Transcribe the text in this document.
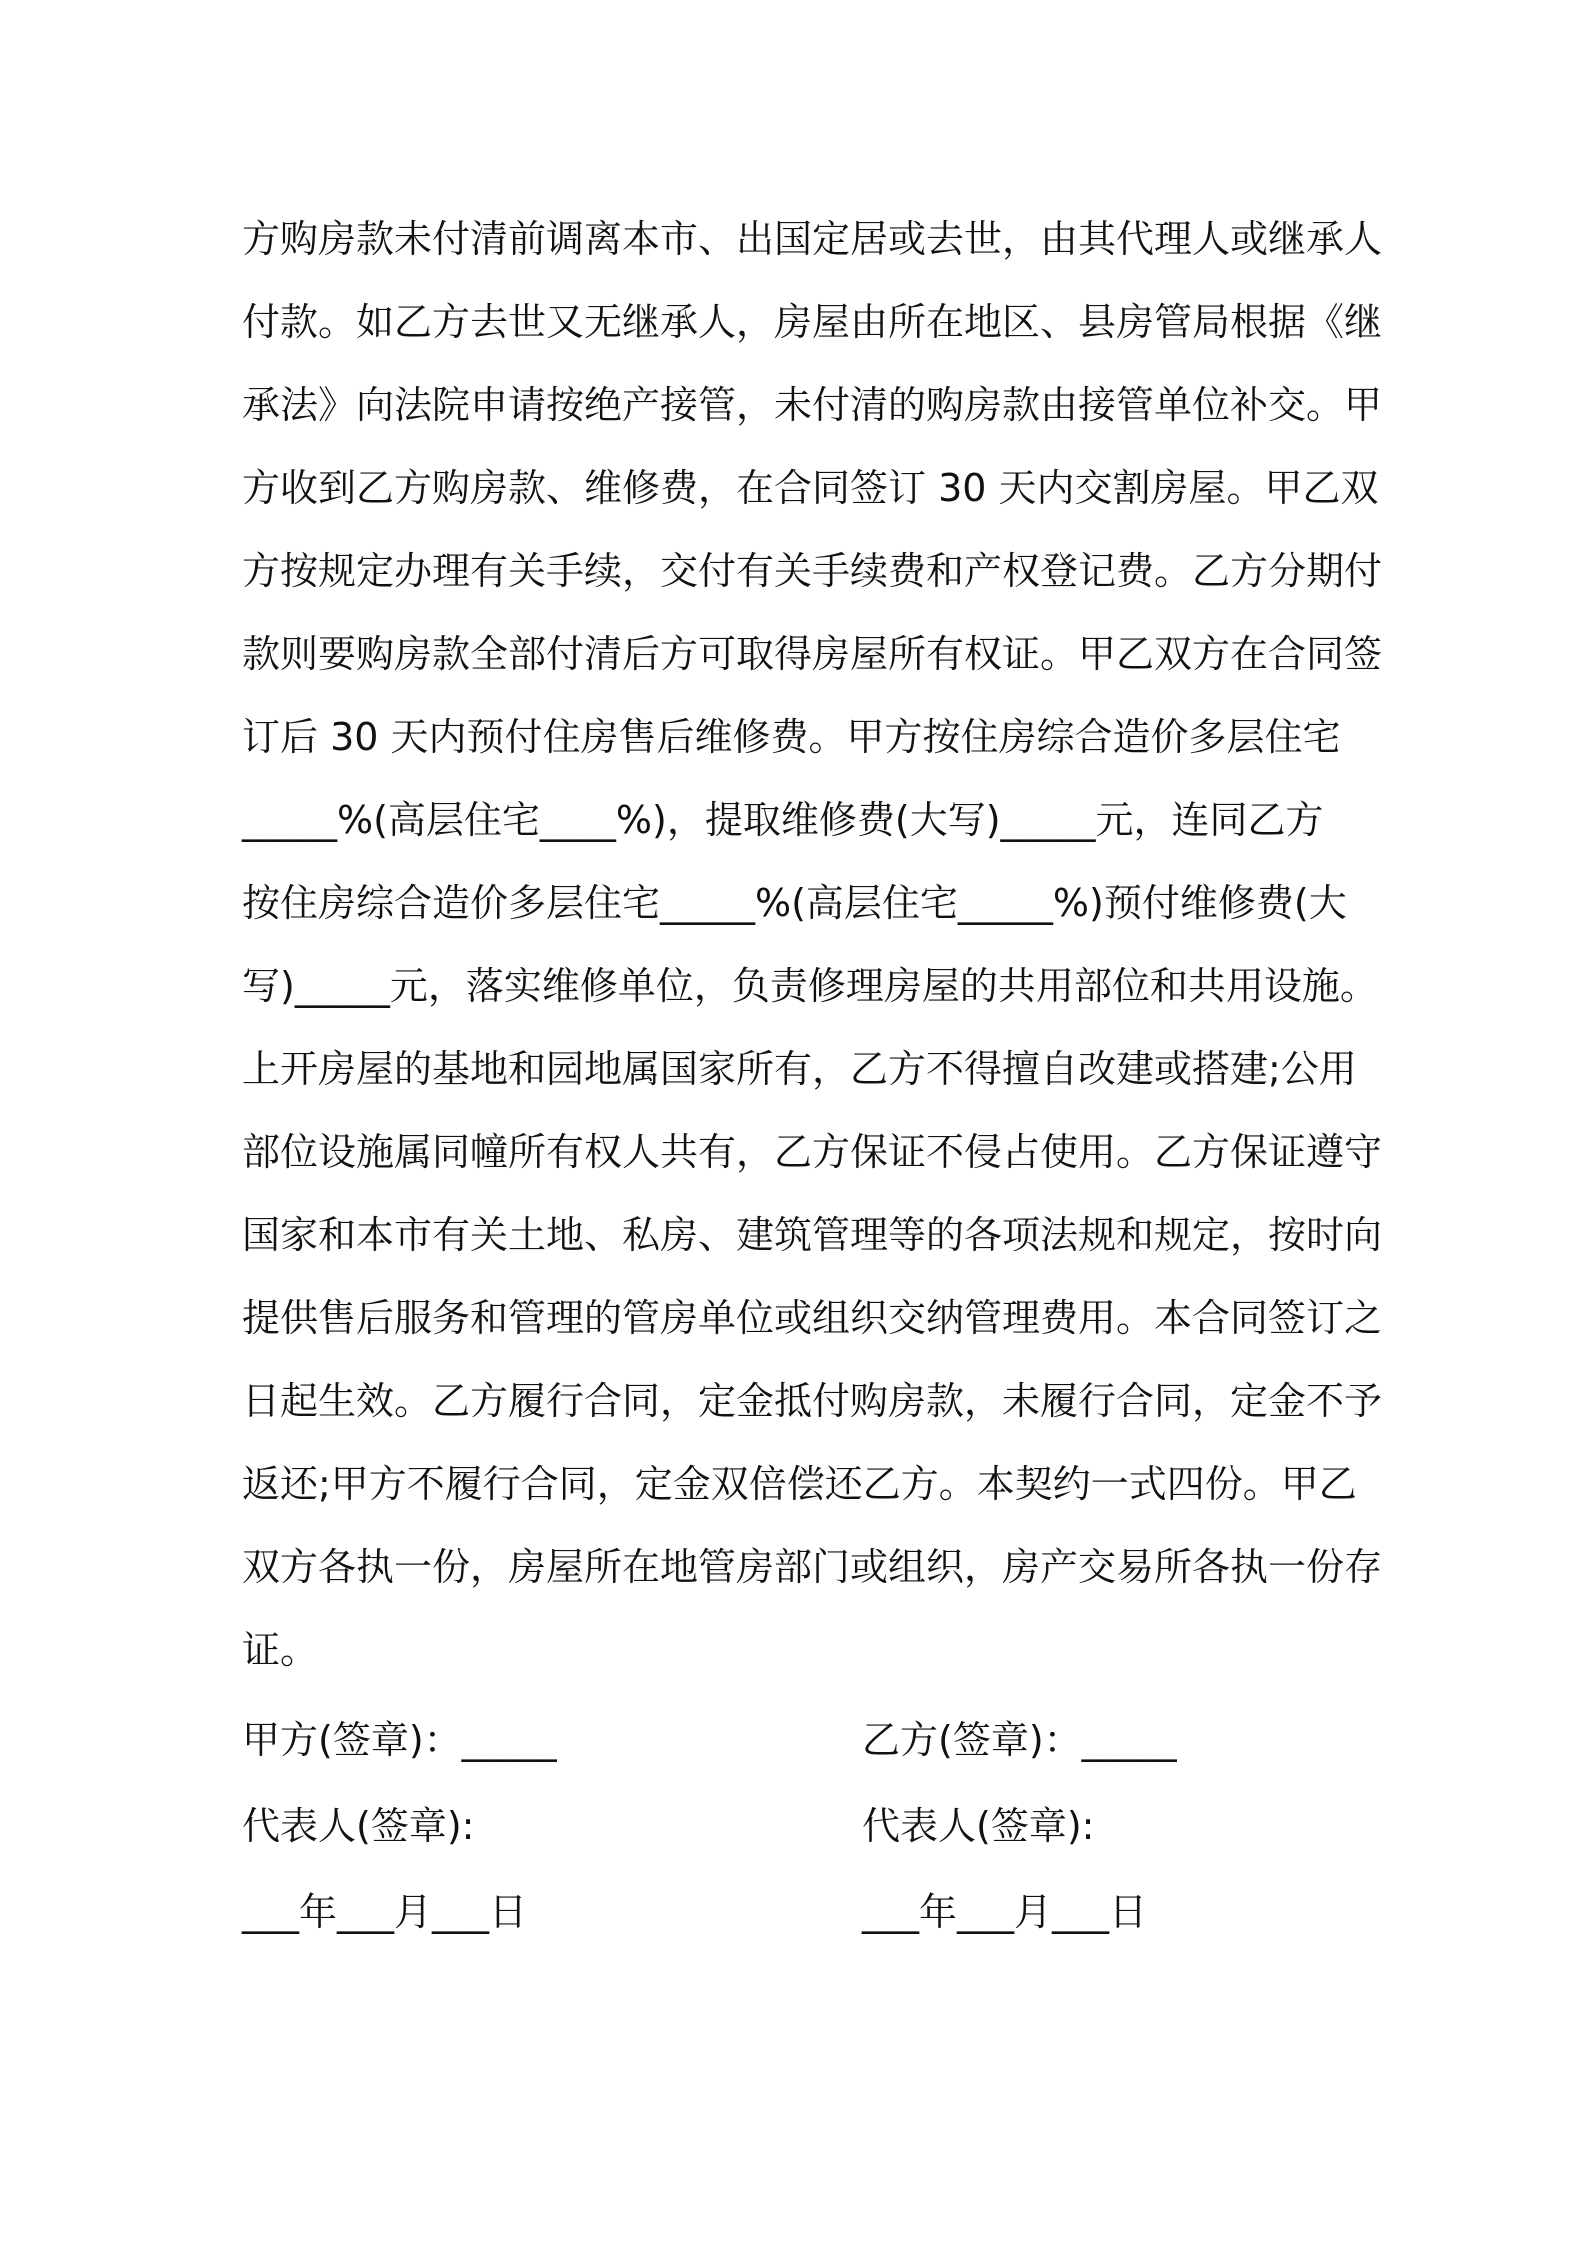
方购房款未付清前调离本市、出国定居或去世，由其代理人或继承人
付款。如乙方去世又无继承人，房屋由所在地区、县房管局根据《继
承法》向法院申请按绝产接管，未付清的购房款由接管单位补交。甲
方收到乙方购房款、维修费，在合同签订 30 天内交割房屋。甲乙双
方按规定办理有关手续，交付有关手续费和产权登记费。乙方分期付
款则要购房款全部付清后方可取得房屋所有权证。甲乙双方在合同签
订后 30 天内预付住房售后维修费。甲方按住房综合造价多层住宅
_____%(高层住宅____%)，提取维修费(大写)_____元，连同乙方
按住房综合造价多层住宅_____%(高层住宅_____%)预付维修费(大
写)_____元，落实维修单位，负责修理房屋的共用部位和共用设施。
上开房屋的基地和园地属国家所有，乙方不得擅自改建或搭建;公用
部位设施属同幢所有权人共有，乙方保证不侵占使用。乙方保证遵守
国家和本市有关土地、私房、建筑管理等的各项法规和规定，按时向
提供售后服务和管理的管房单位或组织交纳管理费用。本合同签订之
日起生效。乙方履行合同，定金抵付购房款，未履行合同，定金不予
返还;甲方不履行合同，定金双倍偿还乙方。本契约一式四份。甲乙
双方各执一份，房屋所在地管房部门或组织，房产交易所各执一份存
证。
甲方(签章)：_____	乙方(签章)：_____
代表人(签章):	代表人(签章):
___年___月___日	___年___月___日
